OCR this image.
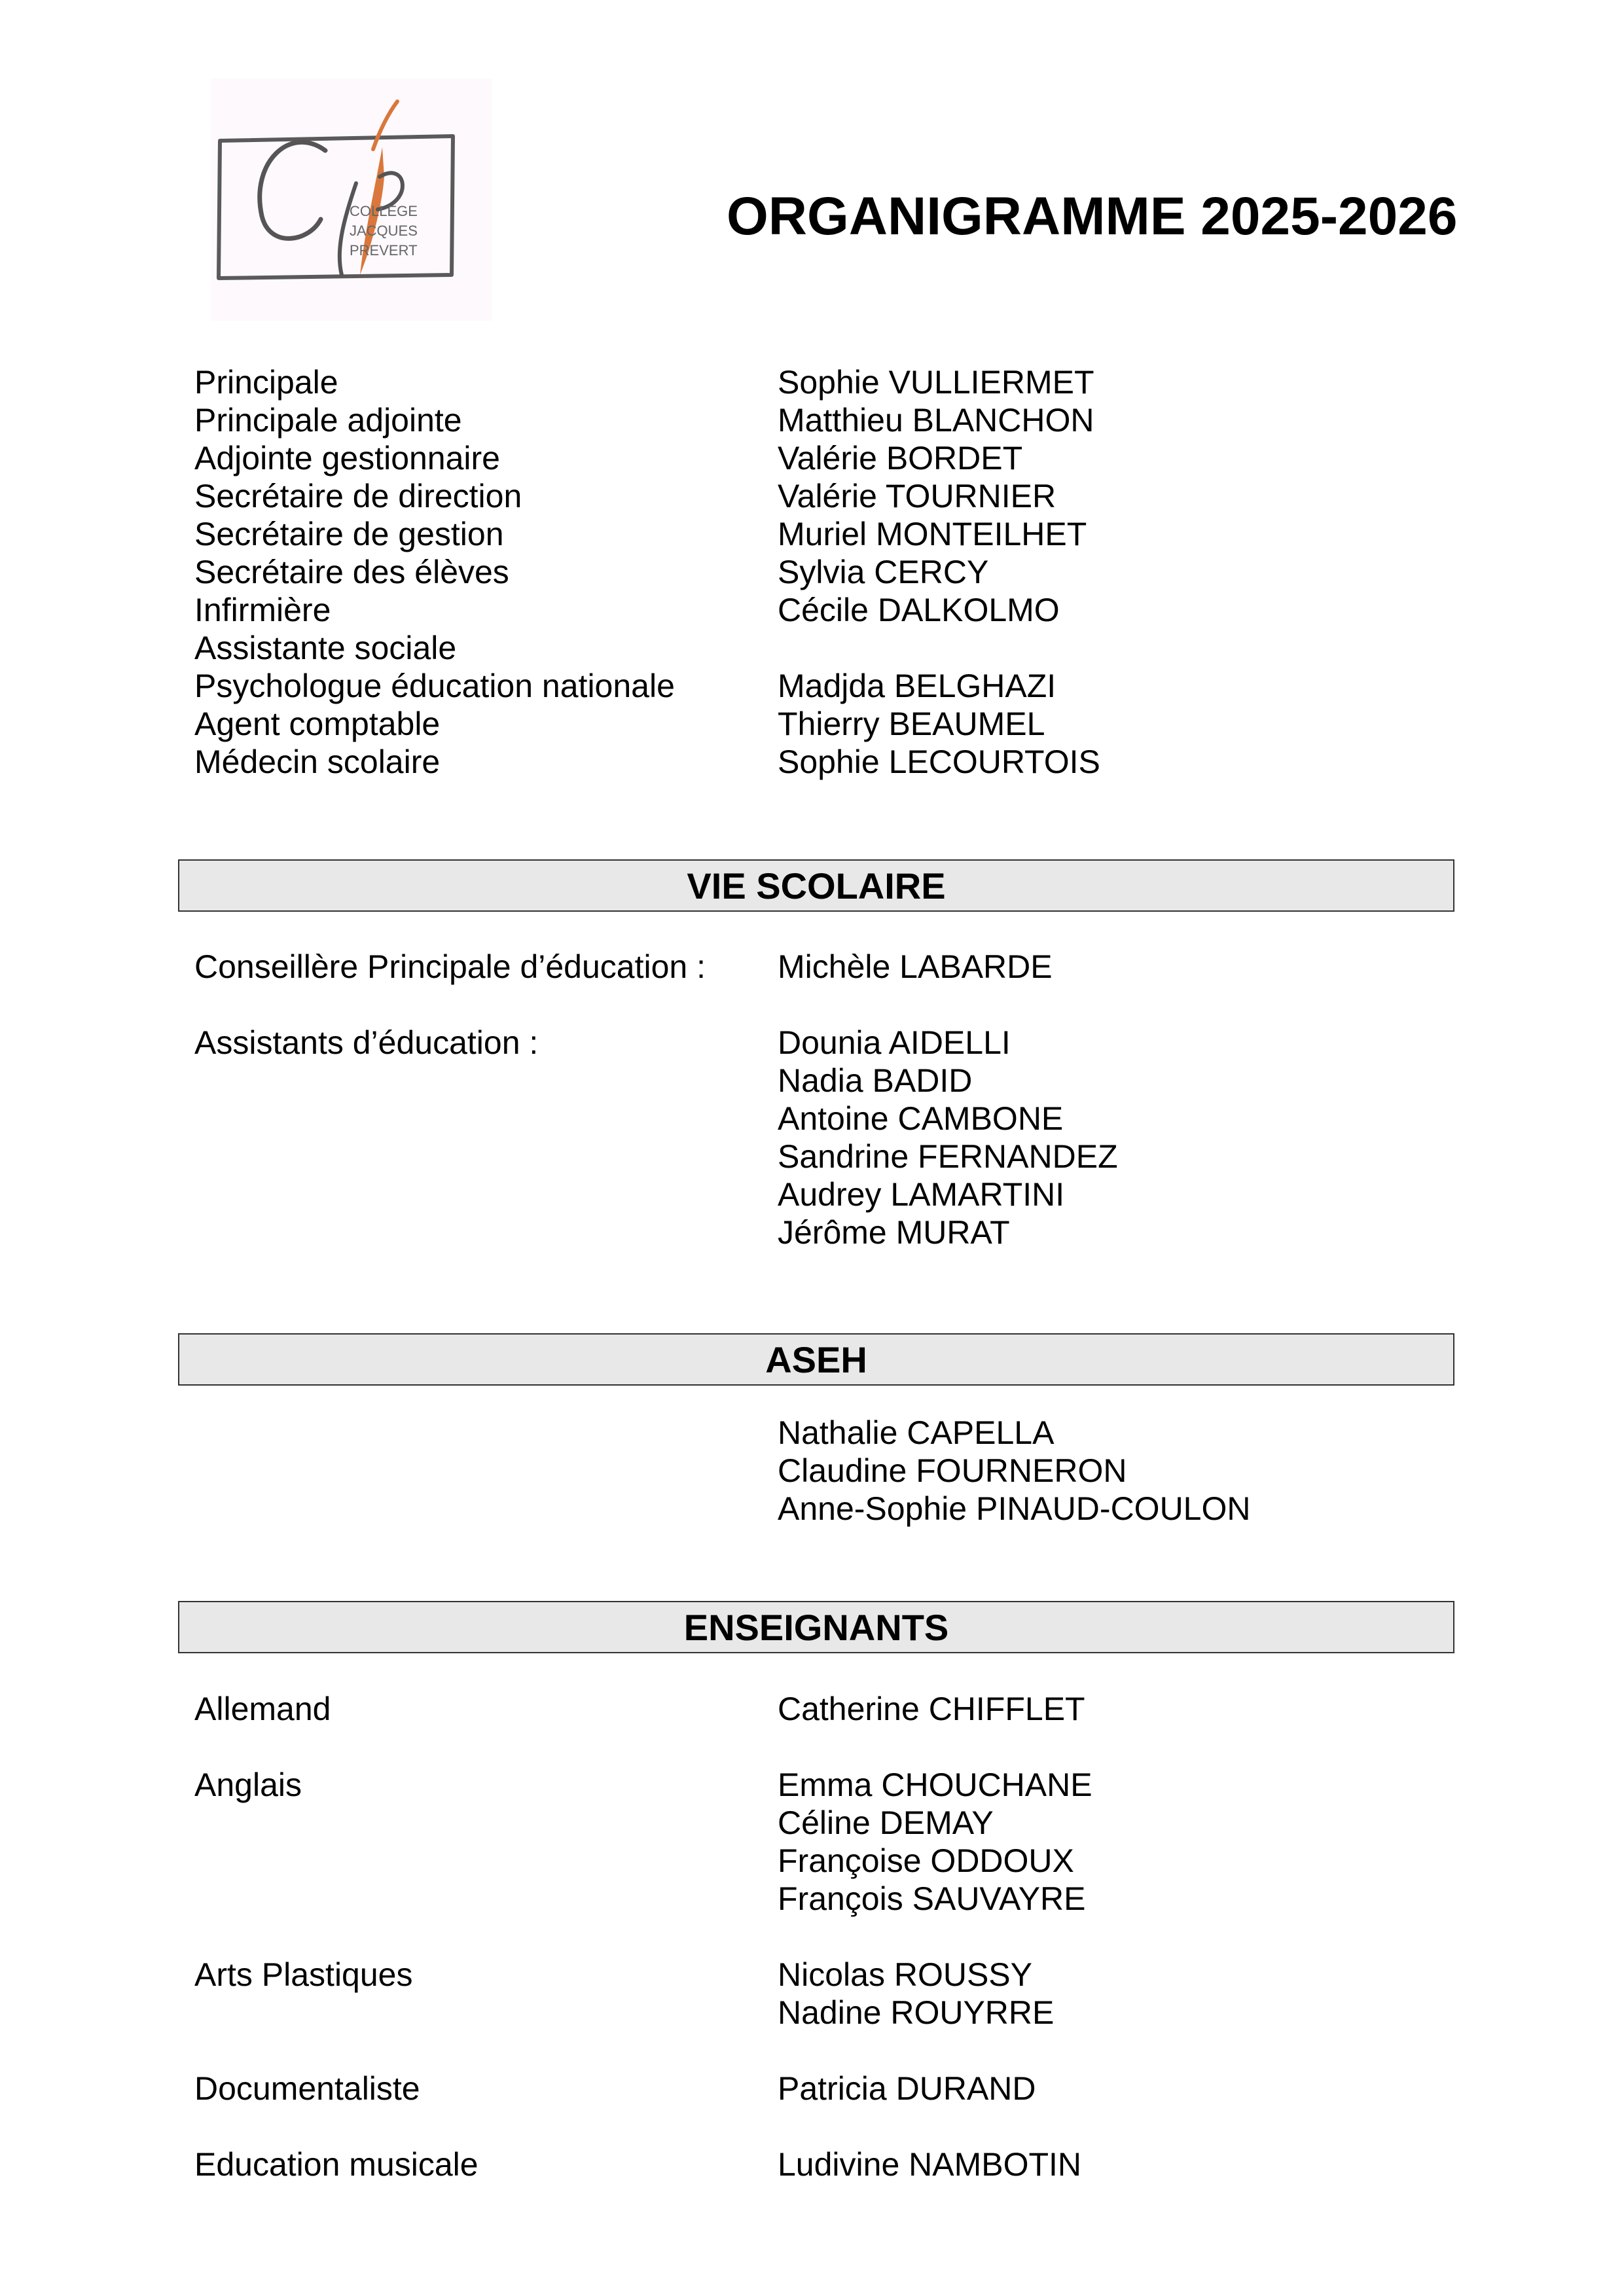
COLLEGE
JACQUES
PREVERT
ORGANIGRAMME 2025-2026
Principale	Sophie VULLIERMET
Principale adjointe	Matthieu BLANCHON
Adjointe gestionnaire	Valérie BORDET
Secrétaire de direction	Valérie TOURNIER
Secrétaire de gestion	Muriel MONTEILHET
Secrétaire des élèves	Sylvia CERCY
Infirmière	Cécile DALKOLMO
Assistante sociale
Psychologue éducation nationale	Madjda BELGHAZI
Agent comptable	Thierry BEAUMEL
Médecin scolaire	Sophie LECOURTOIS
VIE SCOLAIRE
Conseillère Principale d’éducation : Michèle LABARDE
Assistants d’éducation :	Dounia AIDELLI
Nadia BADID
Antoine CAMBONE
Sandrine FERNANDEZ
Audrey LAMARTINI
Jérôme MURAT
ASEH
Nathalie CAPELLA
Claudine FOURNERON
Anne-Sophie PINAUD-COULON
ENSEIGNANTS
Allemand	Catherine CHIFFLET
Anglais	Emma CHOUCHANE
Céline DEMAY
Françoise ODDOUX
François SAUVAYRE
Arts Plastiques	Nicolas ROUSSY
Nadine ROUYRRE
Documentaliste	Patricia DURAND
Education musicale	Ludivine NAMBOTIN
